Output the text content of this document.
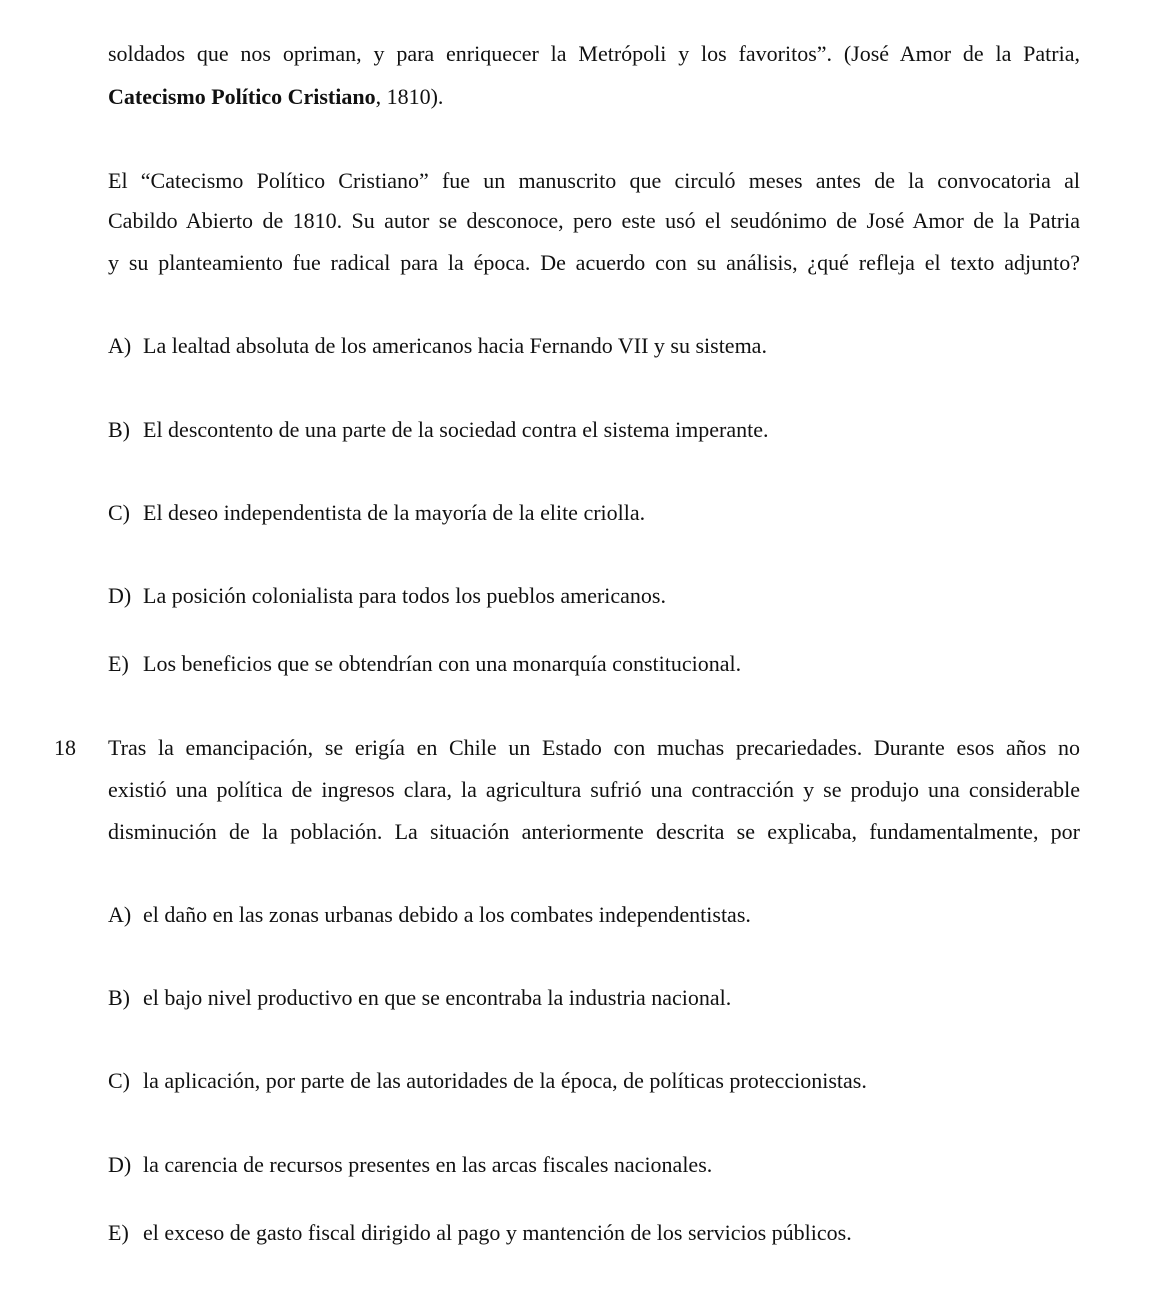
soldados que nos opriman, y para enriquecer la Metrópoli y los favoritos”. (José Amor de la Patria,
Catecismo Político Cristiano, 1810).
El “Catecismo Político Cristiano” fue un manuscrito que circuló meses antes de la convocatoria al
Cabildo Abierto de 1810. Su autor se desconoce, pero este usó el seudónimo de José Amor de la Patria
y su planteamiento fue radical para la época. De acuerdo con su análisis, ¿qué refleja el texto adjunto?
A) La lealtad absoluta de los americanos hacia Fernando VII y su sistema.
B) El descontento de una parte de la sociedad contra el sistema imperante.
C) El deseo independentista de la mayoría de la elite criolla.
D) La posición colonialista para todos los pueblos americanos.
E) Los beneficios que se obtendrían con una monarquía constitucional.
18 Tras la emancipación, se erigía en Chile un Estado con muchas precariedades. Durante esos años no
existió una política de ingresos clara, la agricultura sufrió una contracción y se produjo una considerable
disminución de la población. La situación anteriormente descrita se explicaba, fundamentalmente, por
A) el daño en las zonas urbanas debido a los combates independentistas.
B) el bajo nivel productivo en que se encontraba la industria nacional.
C) la aplicación, por parte de las autoridades de la época, de políticas proteccionistas.
D) la carencia de recursos presentes en las arcas fiscales nacionales.
E) el exceso de gasto fiscal dirigido al pago y mantención de los servicios públicos.
